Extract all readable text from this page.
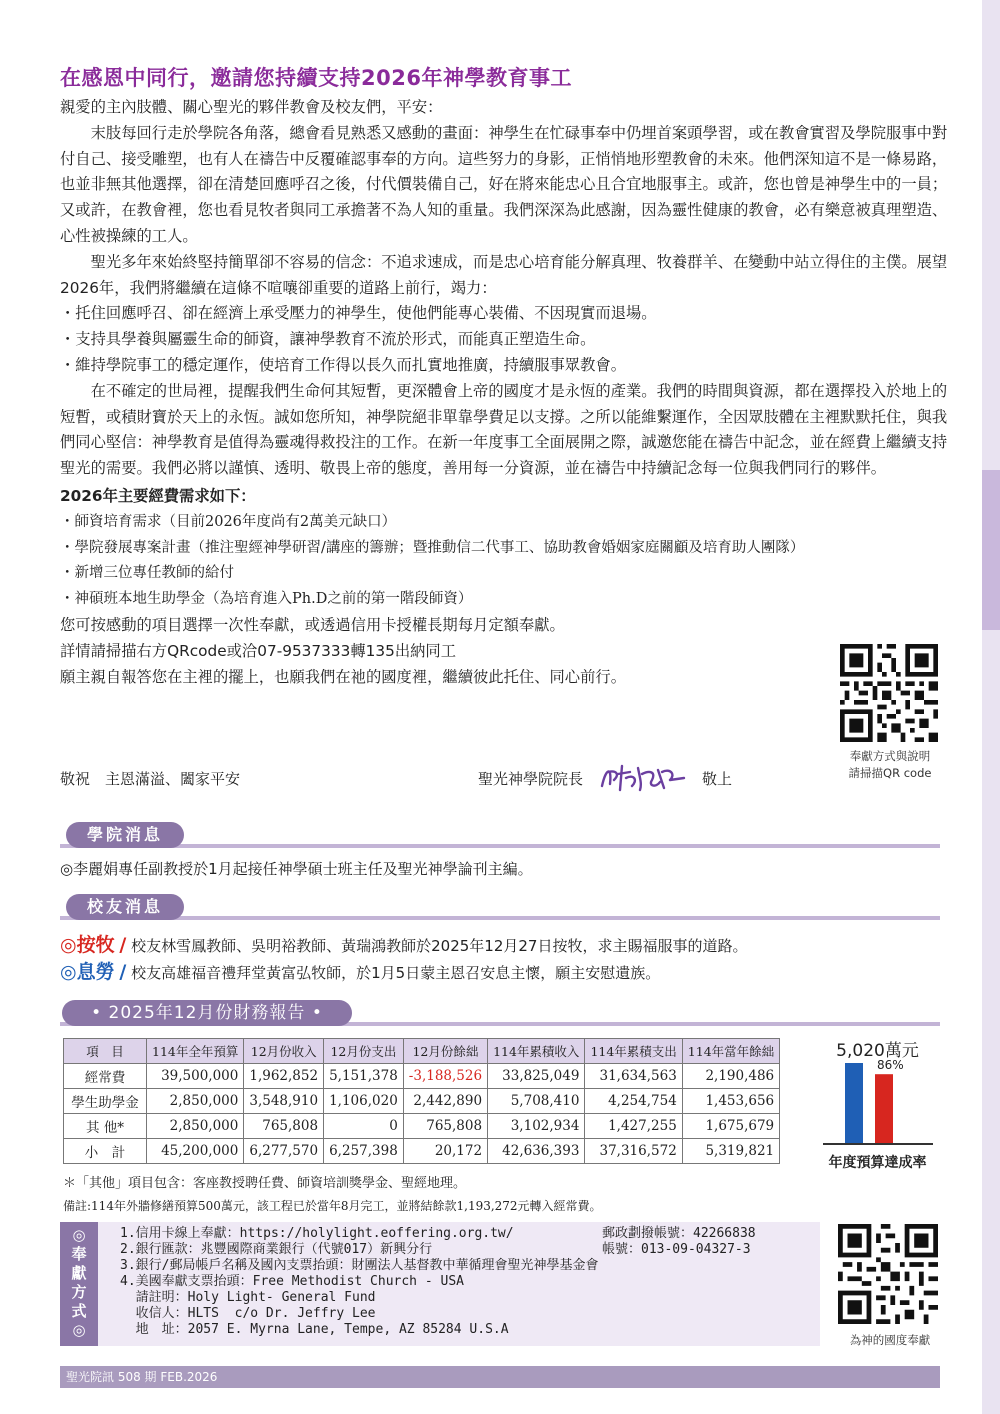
在感恩中同行，邀請您持續支持2026年神學教育事工

親愛的主內肢體、關心聖光的夥伴教會及校友們，平安：

末肢每回行走於學院各角落，總會看見熟悉又感動的畫面：神學生在忙碌事奉中仍埋首案頭學習，或在教會實習及學院服事中對付自己、接受雕塑，也有人在禱告中反覆確認事奉的方向。這些努力的身影，正悄悄地形塑教會的未來。他們深知這不是一條易路，也並非無其他選擇，卻在清楚回應呼召之後，付代價裝備自己，好在將來能忠心且合宜地服事主。或許，您也曾是神學生中的一員；又或許，在教會裡，您也看見牧者與同工承擔著不為人知的重量。我們深深為此感謝，因為靈性健康的教會，必有樂意被真理塑造、心性被操練的工人。

聖光多年來始終堅持簡單卻不容易的信念：不追求速成，而是忠心培育能分解真理、牧養群羊、在變動中站立得住的主僕。展望2026年，我們將繼續在這條不喧嚷卻重要的道路上前行，竭力：

・托住回應呼召、卻在經濟上承受壓力的神學生，使他們能專心裝備、不因現實而退場。

・支持具學養與屬靈生命的師資，讓神學教育不流於形式，而能真正塑造生命。

・維持學院事工的穩定運作，使培育工作得以長久而扎實地推廣，持續服事眾教會。

在不確定的世局裡，提醒我們生命何其短暫，更深體會上帝的國度才是永恆的產業。我們的時間與資源，都在選擇投入於地上的短暫，或積財寶於天上的永恆。誠如您所知，神學院絕非單靠學費足以支撐。之所以能維繫運作，全因眾肢體在主裡默默托住，與我們同心堅信：神學教育是值得為靈魂得救投注的工作。在新一年度事工全面展開之際，誠邀您能在禱告中記念，並在經費上繼續支持聖光的需要。我們必將以謹慎、透明、敬畏上帝的態度，善用每一分資源，並在禱告中持續記念每一位與我們同行的夥伴。

2026年主要經費需求如下：

・師資培育需求（目前2026年度尚有2萬美元缺口）

・學院發展專案計畫（推注聖經神學研習/講座的籌辦；暨推動信二代事工、協助教會婚姻家庭關顧及培育助人團隊）

・新增三位專任教師的給付

・神碩班本地生助學金（為培育進入Ph.D之前的第一階段師資）

您可按感動的項目選擇一次性奉獻，或透過信用卡授權長期每月定額奉獻。

詳情請掃描右方QRcode或洽07-9537333轉135出納同工

願主親自報答您在主裡的擺上，也願我們在祂的國度裡，繼續彼此托住、同心前行。

敬祝　主恩滿溢、闔家平安	聖光神學院院長	敬上
奉獻方式與說明
請掃描QR code
學院消息
◎李麗娟專任副教授於1月起接任神學碩士班主任及聖光神學論刊主編。
校友消息
◎按牧 / 校友林雪鳳教師、吳明裕教師、黃瑞鴻教師於2025年12月27日按牧，求主賜福服事的道路。
◎息勞 / 校友高雄福音禮拜堂黃富弘牧師，於1月5日蒙主恩召安息主懷，願主安慰遺族。
• 2025年12月份財務報告 •
項　目	114年全年預算	12月份收入	12月份支出	12月份餘絀	114年累積收入	114年累積支出	114年當年餘絀
經常費	39,500,000	1,962,852	5,151,378	-3,188,526	33,825,049	31,634,563	2,190,486
學生助學金	2,850,000	3,548,910	1,106,020	2,442,890	5,708,410	4,254,754	1,453,656
其 他*	2,850,000	765,808	0	765,808	3,102,934	1,427,255	1,675,679
小　計	45,200,000	6,277,570	6,257,398	20,172	42,636,393	37,316,572	5,319,821
＊「其他」項目包含：客座教授聘任費、師資培訓獎學金、聖經地理。
備註:114年外牆修繕預算500萬元，該工程已於當年8月完工，並將結餘款1,193,272元轉入經常費。
5,020萬元
86%
年度預算達成率
◎
奉
獻
方
式
◎
1.信用卡線上奉獻：https://holylight.eoffering.org.tw/	郵政劃撥帳號：42266838
2.銀行匯款：兆豐國際商業銀行（代號017）新興分行	帳號：013-09-04327-3
3.銀行/郵局帳戶名稱及國內支票抬頭：財團法人基督教中華循理會聖光神學基金會
4.美國奉獻支票抬頭：Free Methodist Church - USA
請註明：Holy Light- General Fund
收信人：HLTS  c/o Dr. Jeffry Lee
地　址：2057 E. Myrna Lane, Tempe, AZ 85284 U.S.A
為神的國度奉獻
聖光院訊 508 期 FEB.2026
